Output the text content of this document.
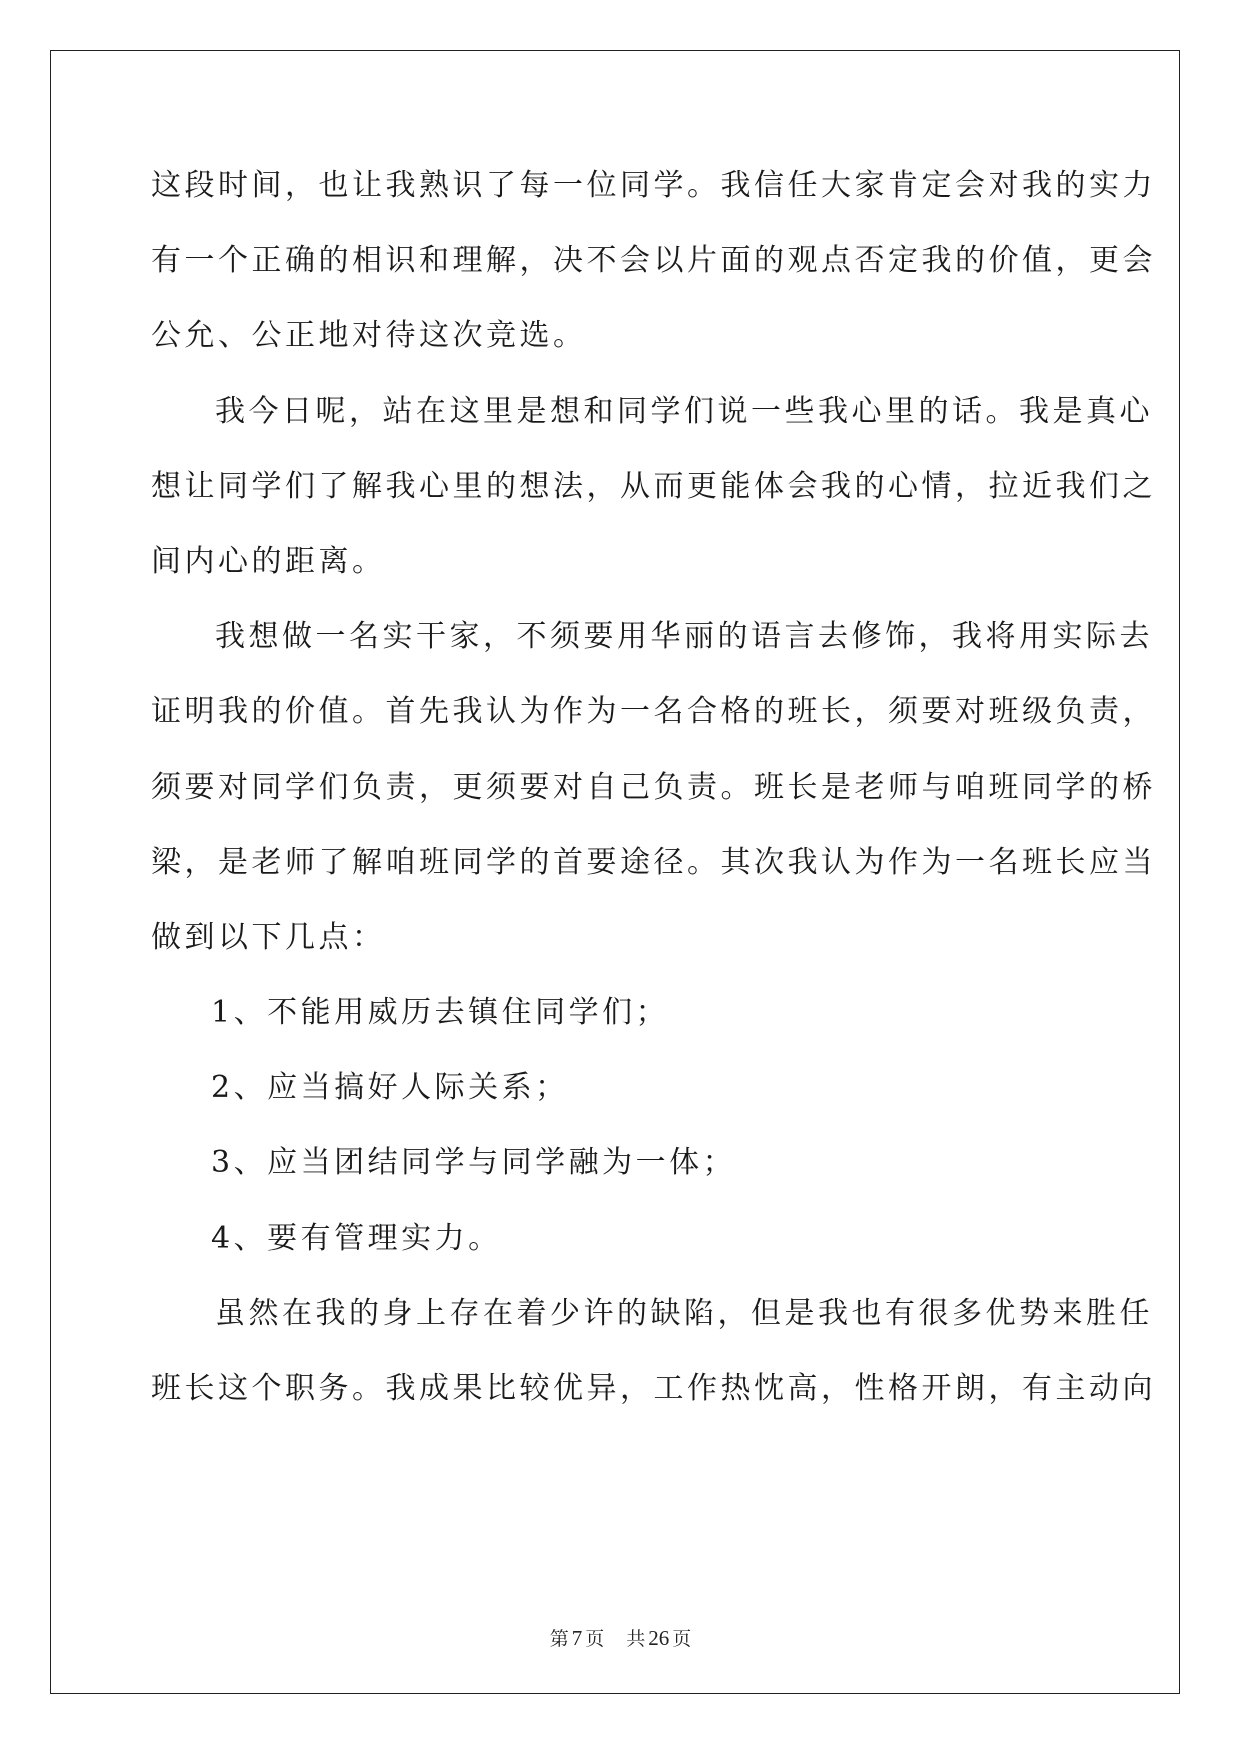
这段时间，也让我熟识了每一位同学。我信任大家肯定会对我的实力
有一个正确的相识和理解，决不会以片面的观点否定我的价值，更会
公允、公正地对待这次竞选。
我今日呢，站在这里是想和同学们说一些我心里的话。我是真心
想让同学们了解我心里的想法，从而更能体会我的心情，拉近我们之
间内心的距离。
我想做一名实干家，不须要用华丽的语言去修饰，我将用实际去
证明我的价值。首先我认为作为一名合格的班长，须要对班级负责，
须要对同学们负责，更须要对自己负责。班长是老师与咱班同学的桥
梁，是老师了解咱班同学的首要途径。其次我认为作为一名班长应当
做到以下几点：
1、不能用威历去镇住同学们；
2、应当搞好人际关系；
3、应当团结同学与同学融为一体；
4、要有管理实力。
虽然在我的身上存在着少许的缺陷，但是我也有很多优势来胜任
班长这个职务。我成果比较优异，工作热忱高，性格开朗，有主动向
第 7 页 共 26 页
